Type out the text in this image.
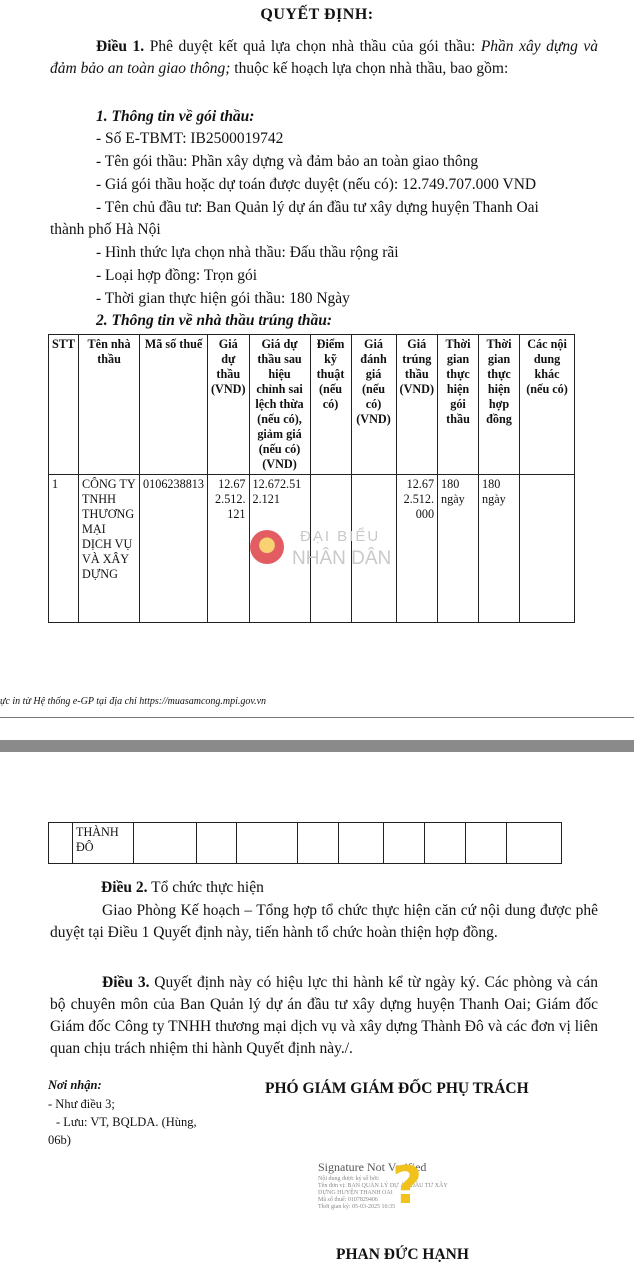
QUYẾT ĐỊNH:
Điều 1. Phê duyệt kết quả lựa chọn nhà thầu của gói thầu: Phần xây dựng và đảm bảo an toàn giao thông; thuộc kế hoạch lựa chọn nhà thầu, bao gồm:
1. Thông tin về gói thầu:
- Số E-TBMT: IB2500019742
- Tên gói thầu: Phần xây dựng và đảm bảo an toàn giao thông
- Giá gói thầu hoặc dự toán được duyệt (nếu có): 12.749.707.000 VND
- Tên chủ đầu tư: Ban Quản lý dự án đầu tư xây dựng huyện Thanh Oai
thành phố Hà Nội
- Hình thức lựa chọn nhà thầu: Đấu thầu rộng rãi
- Loại hợp đồng: Trọn gói
- Thời gian thực hiện gói thầu: 180 Ngày
2. Thông tin về nhà thầu trúng thầu:
STT	Tên nhà thầu	Mã số thuế	Giá dự thầu (VND)	Giá dự thầu sau hiệu chỉnh sai lệch thừa (nếu có), giảm giá (nếu có) (VND)	Điểm kỹ thuật (nếu có)	Giá đánh giá (nếu có) (VND)	Giá trúng thầu (VND)	Thời gian thực hiện gói thầu	Thời gian thực hiện hợp đồng	Các nội dung khác (nếu có)
1	CÔNG TY TNHH THƯƠNG MẠI DỊCH VỤ VÀ XÂY DỰNG	0106238813	12.672.512.121	12.672.512.121			12.672.512.000	180 ngày	180 ngày	
ĐẠI BIỂU
NHÂN DÂN
ực in từ Hệ thống e-GP tại địa chỉ https://muasamcong.mpi.gov.vn
	THÀNH ĐÔ									
Điều 2. Tổ chức thực hiện
Giao Phòng Kế hoạch – Tổng hợp tổ chức thực hiện căn cứ nội dung được phê duyệt tại Điều 1 Quyết định này, tiến hành tổ chức hoàn thiện hợp đồng.
Điều 3. Quyết định này có hiệu lực thi hành kể từ ngày ký. Các phòng và cán bộ chuyên môn của Ban Quản lý dự án đầu tư xây dựng huyện Thanh Oai; Giám đốc Giám đốc Công ty TNHH thương mại dịch vụ và xây dựng Thành Đô và các đơn vị liên quan chịu trách nhiệm thi hành Quyết định này./.
Nơi nhận:
- Như điều 3;
- Lưu: VT, BQLDA. (Hùng,
06b)
PHÓ GIÁM GIÁM ĐỐC PHỤ TRÁCH
Signature Not Verified
Nội dung được ký số bởi:
Tên đơn vị: BAN QUẢN LÝ DỰ ÁN ĐẦU TƯ XÂY
DỰNG HUYỆN THANH OAI
Mã số thuế: 0107829406
Thời gian ký: 05-03-2025 10:35
?
PHAN ĐỨC HẠNH
